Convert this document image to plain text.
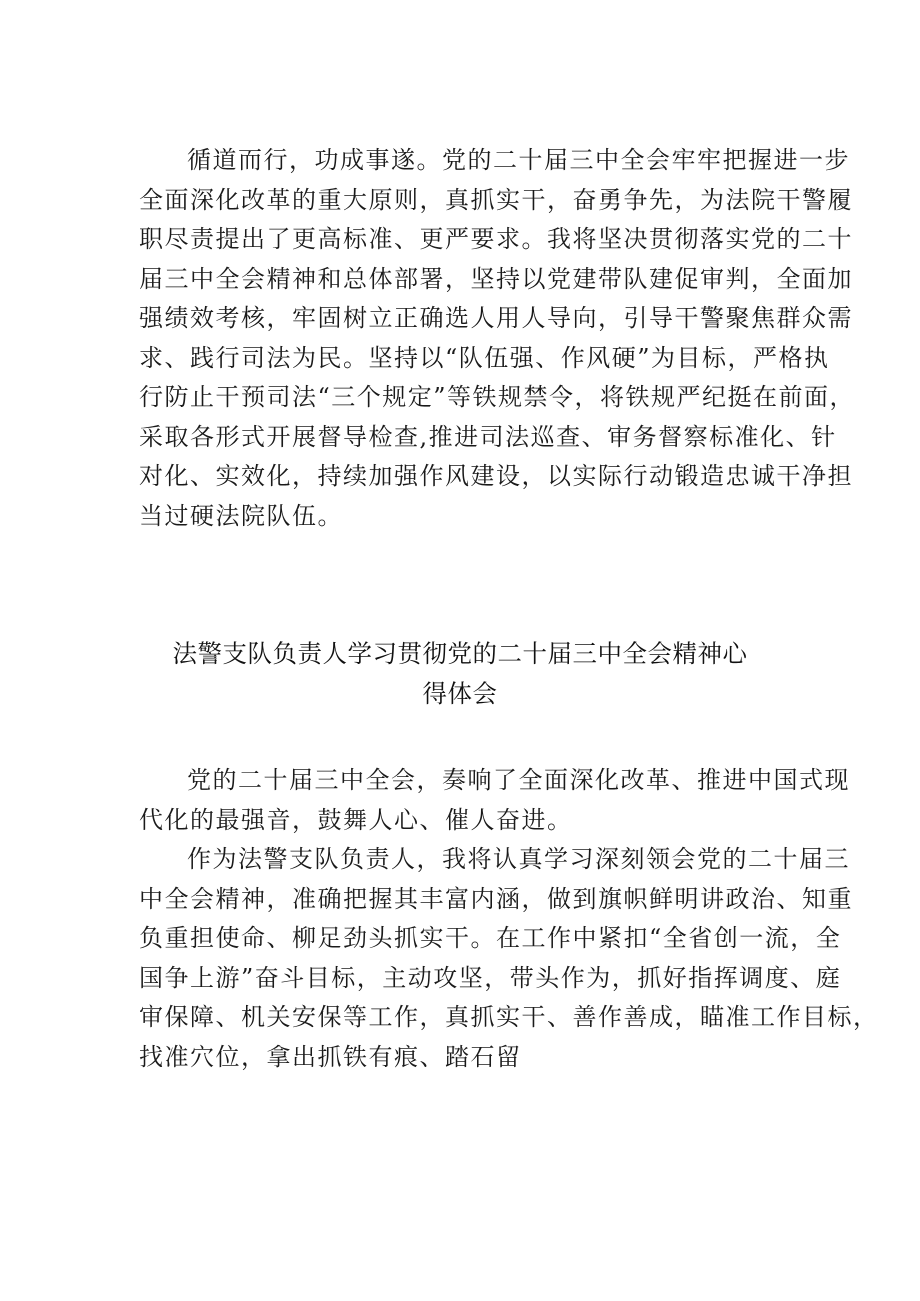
循道而行，功成事遂。党的二十届三中全会牢牢把握进一步
全面深化改革的重大原则，真抓实干，奋勇争先，为法院干警履
职尽责提出了更高标准、更严要求。我将坚决贯彻落实党的二十
届三中全会精神和总体部署，坚持以党建带队建促审判，全面加
强绩效考核，牢固树立正确选人用人导向，引导干警聚焦群众需
求、践行司法为民。坚持以“队伍强、作风硬”为目标，严格执
行防止干预司法“三个规定”等铁规禁令，将铁规严纪挺在前面，
采取各形式开展督导检查,推进司法巡查、审务督察标准化、针
对化、实效化，持续加强作风建设，以实际行动锻造忠诚干净担
当过硬法院队伍。
法警支队负责人学习贯彻党的二十届三中全会精神心
得体会
党的二十届三中全会，奏响了全面深化改革、推进中国式现
代化的最强音，鼓舞人心、催人奋进。
作为法警支队负责人，我将认真学习深刻领会党的二十届三
中全会精神，准确把握其丰富内涵，做到旗帜鲜明讲政治、知重
负重担使命、柳足劲头抓实干。在工作中紧扣“全省创一流，全
国争上游”奋斗目标，主动攻坚，带头作为，抓好指挥调度、庭
审保障、机关安保等工作，真抓实干、善作善成，瞄准工作目标，
找准穴位，拿出抓铁有痕、踏石留
